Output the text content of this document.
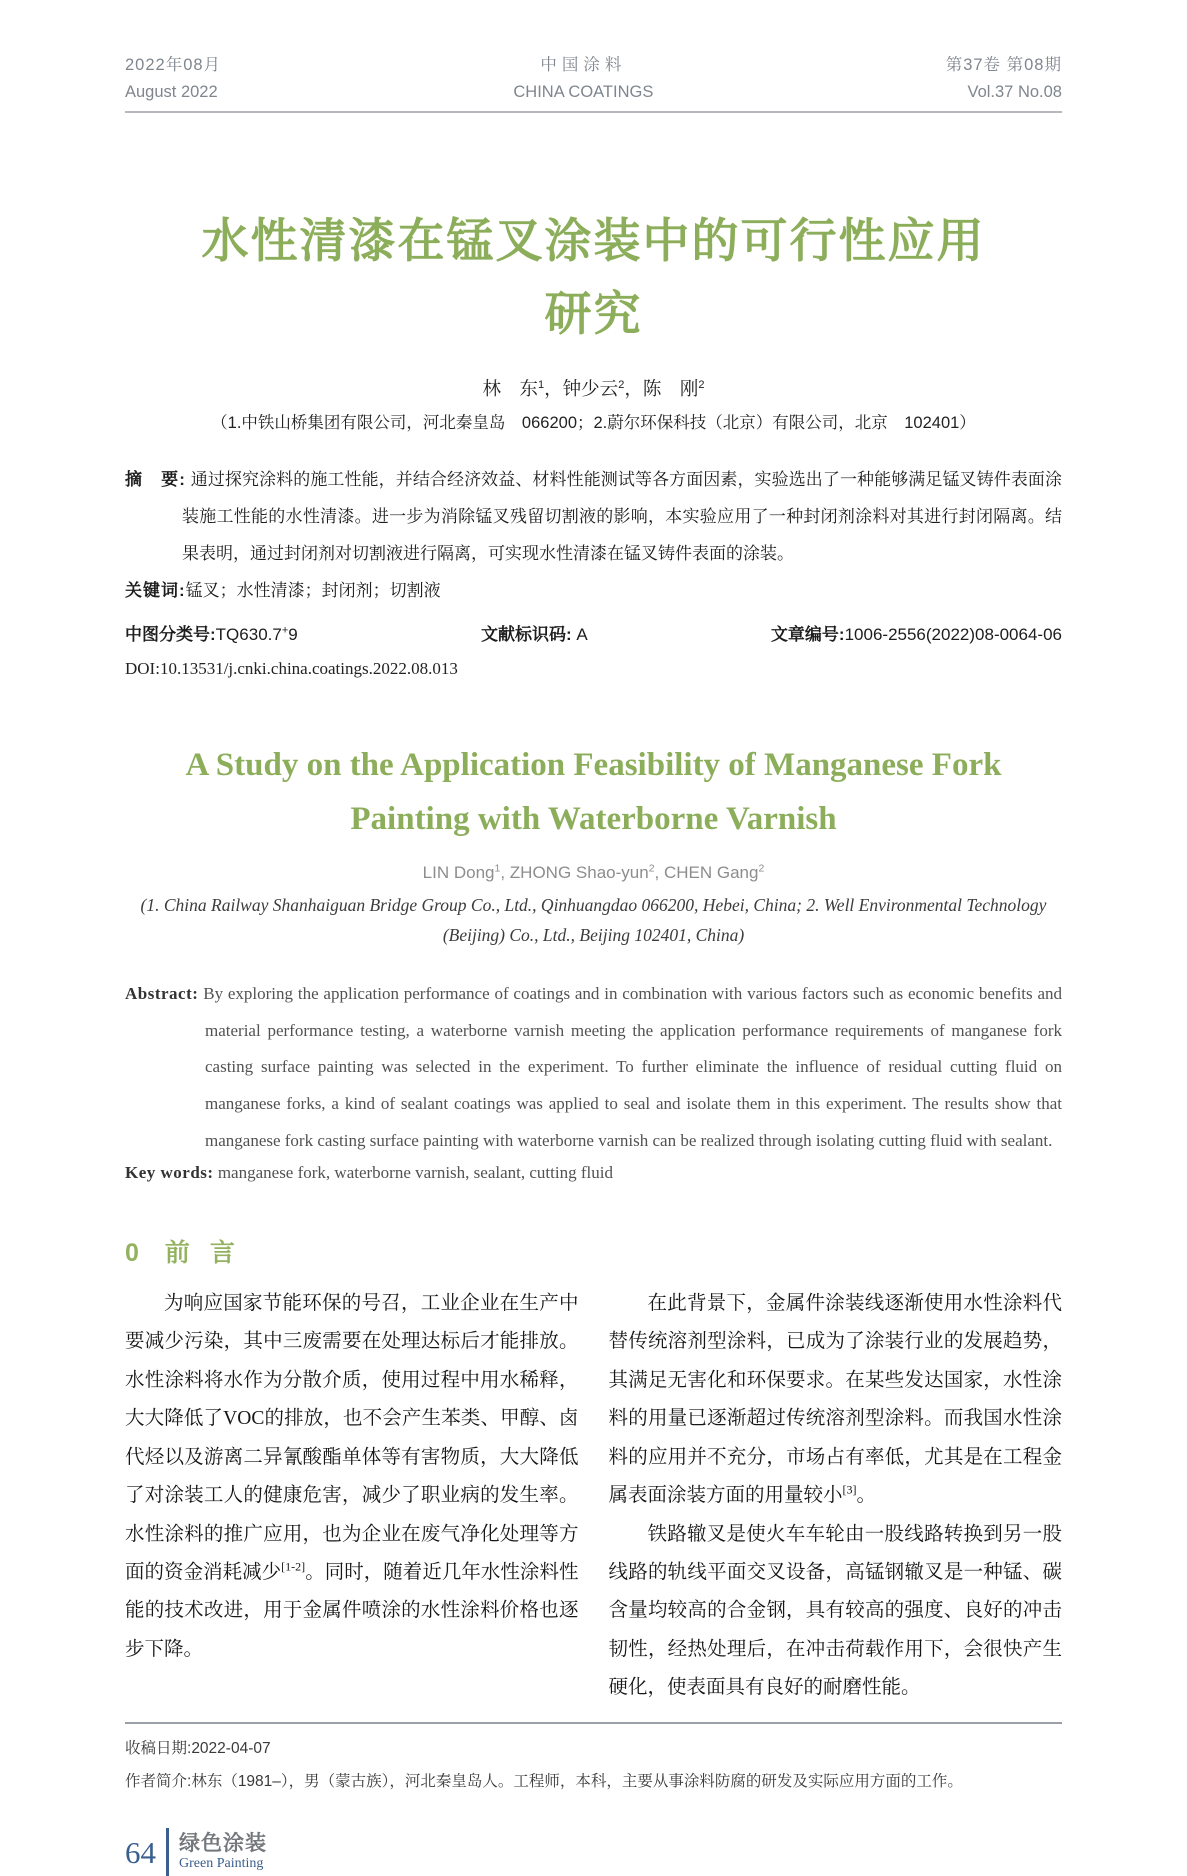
2022年08月
August 2022
中国涂料
CHINA COATINGS
第37卷 第08期
Vol.37 No.08
水性清漆在锰叉涂装中的可行性应用
研究
林　东$^1$，钟少云$^2$，陈　刚$^2$
（1.中铁山桥集团有限公司，河北秦皇岛　066200；2.蔚尔环保科技（北京）有限公司，北京　102401）
摘　要: 通过探究涂料的施工性能，并结合经济效益、材料性能测试等各方面因素，实验选出了一种能够满足锰叉铸件表面涂装施工性能的水性清漆。进一步为消除锰叉残留切割液的影响，本实验应用了一种封闭剂涂料对其进行封闭隔离。结果表明，通过封闭剂对切割液进行隔离，可实现水性清漆在锰叉铸件表面的涂装。
关键词:锰叉；水性清漆；封闭剂；切割液
中图分类号:TQ630.7+9	文献标识码: A	文章编号:1006-2556(2022)08-0064-06
DOI:10.13531/j.cnki.china.coatings.2022.08.013
A Study on the Application Feasibility of Manganese Fork
Painting with Waterborne Varnish
LIN Dong$^1$, ZHONG Shao-yun$^2$, CHEN Gang$^2$
(1. China Railway Shanhaiguan Bridge Group Co., Ltd., Qinhuangdao 066200, Hebei, China; 2. Well Environmental Technology
(Beijing) Co., Ltd., Beijing 102401, China)
Abstract: By exploring the application performance of coatings and in combination with various factors such as economic benefits and material performance testing, a waterborne varnish meeting the application performance requirements of manganese fork casting surface painting was selected in the experiment. To further eliminate the influence of residual cutting fluid on manganese forks, a kind of sealant coatings was applied to seal and isolate them in this experiment. The results show that manganese fork casting surface painting with waterborne varnish can be realized through isolating cutting fluid with sealant.
Key words: manganese fork, waterborne varnish, sealant, cutting fluid
0 前言

为响应国家节能环保的号召，工业企业在生产中要减少污染，其中三废需要在处理达标后才能排放。水性涂料将水作为分散介质，使用过程中用水稀释，大大降低了VOC的排放，也不会产生苯类、甲醇、卤代烃以及游离二异氰酸酯单体等有害物质，大大降低了对涂装工人的健康危害，减少了职业病的发生率。水性涂料的推广应用，也为企业在废气净化处理等方面的资金消耗减少[1-2]。同时，随着近几年水性涂料性能的技术改进，用于金属件喷涂的水性涂料价格也逐步下降。

在此背景下，金属件涂装线逐渐使用水性涂料代替传统溶剂型涂料，已成为了涂装行业的发展趋势，其满足无害化和环保要求。在某些发达国家，水性涂料的用量已逐渐超过传统溶剂型涂料。而我国水性涂料的应用并不充分，市场占有率低，尤其是在工程金属表面涂装方面的用量较小[3]。

铁路辙叉是使火车车轮由一股线路转换到另一股线路的轨线平面交叉设备，高锰钢辙叉是一种锰、碳含量均较高的合金钢，具有较高的强度、良好的冲击韧性，经热处理后，在冲击荷载作用下，会很快产生硬化，使表面具有良好的耐磨性能。

收稿日期:2022-04-07
作者简介:林东（1981–），男（蒙古族），河北秦皇岛人。工程师，本科，主要从事涂料防腐的研发及实际应用方面的工作。
64 绿色涂装
Green Painting
